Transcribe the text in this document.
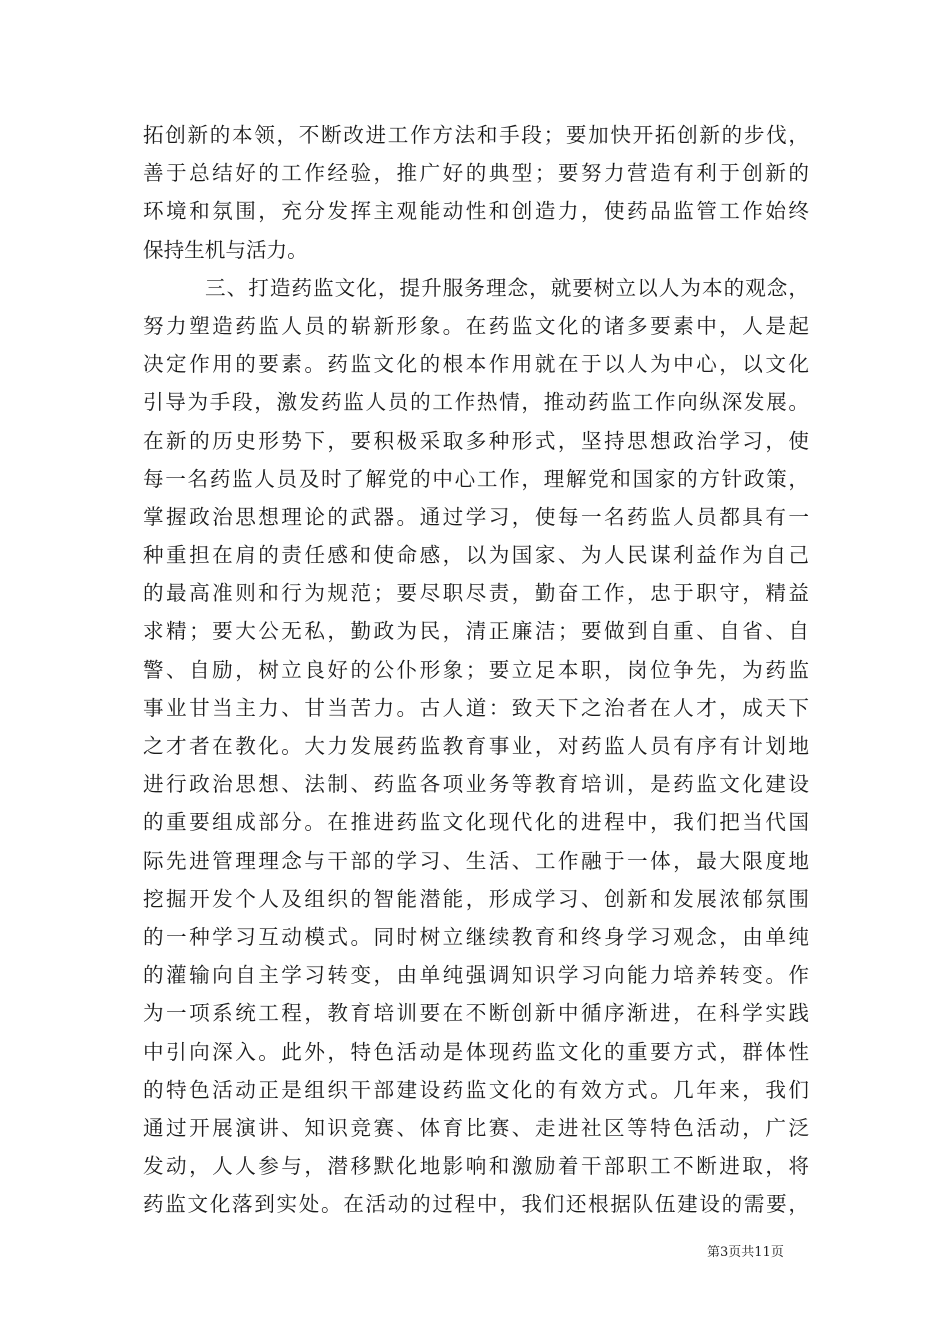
拓创新的本领，不断改进工作方法和手段；要加快开拓创新的步伐，
善于总结好的工作经验，推广好的典型；要努力营造有利于创新的
环境和氛围，充分发挥主观能动性和创造力，使药品监管工作始终
保持生机与活力。
三、打造药监文化，提升服务理念，就要树立以人为本的观念，
努力塑造药监人员的崭新形象。在药监文化的诸多要素中，人是起
决定作用的要素。药监文化的根本作用就在于以人为中心，以文化
引导为手段，激发药监人员的工作热情，推动药监工作向纵深发展。
在新的历史形势下，要积极采取多种形式，坚持思想政治学习，使
每一名药监人员及时了解党的中心工作，理解党和国家的方针政策，
掌握政治思想理论的武器。通过学习，使每一名药监人员都具有一
种重担在肩的责任感和使命感，以为国家、为人民谋利益作为自己
的最高准则和行为规范；要尽职尽责，勤奋工作，忠于职守，精益
求精；要大公无私，勤政为民，清正廉洁；要做到自重、自省、自
警、自励，树立良好的公仆形象；要立足本职，岗位争先，为药监
事业甘当主力、甘当苦力。古人道：致天下之治者在人才，成天下
之才者在教化。大力发展药监教育事业，对药监人员有序有计划地
进行政治思想、法制、药监各项业务等教育培训，是药监文化建设
的重要组成部分。在推进药监文化现代化的进程中，我们把当代国
际先进管理理念与干部的学习、生活、工作融于一体，最大限度地
挖掘开发个人及组织的智能潜能，形成学习、创新和发展浓郁氛围
的一种学习互动模式。同时树立继续教育和终身学习观念，由单纯
的灌输向自主学习转变，由单纯强调知识学习向能力培养转变。作
为一项系统工程，教育培训要在不断创新中循序渐进，在科学实践
中引向深入。此外，特色活动是体现药监文化的重要方式，群体性
的特色活动正是组织干部建设药监文化的有效方式。几年来，我们
通过开展演讲、知识竞赛、体育比赛、走进社区等特色活动，广泛
发动，人人参与，潜移默化地影响和激励着干部职工不断进取，将
药监文化落到实处。在活动的过程中，我们还根据队伍建设的需要，
第3页共11页
